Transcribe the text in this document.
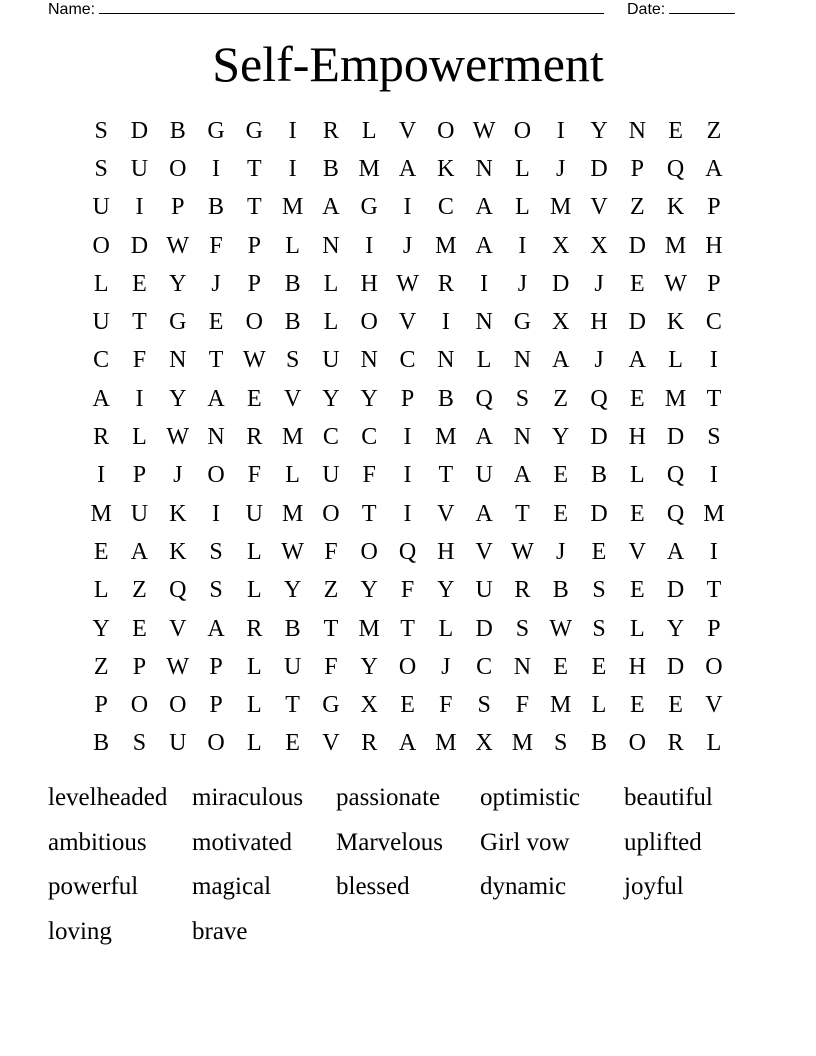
Name:	Date:
Self-Empowerment
S D B G G	I	R L V O W O	I	Y N E Z
S U O	I	T	I	B M A K N L	J	D P Q A
U	I	P B T M A G	I	C A L M V Z K P
O D W F	P	L N	I	J M A	I	X X D M H
L E Y	J	P B L H W R	I	J	D	J	E W P
U T G E O B L O V	I	N G X H D K C
C F N T W S U N C N L N A	J	A L	I
A	I	Y A E V Y Y P B Q S	Z Q E M T
R L W N R M C C	I M A N Y D H D S
I	P	J	O F	L U F	I	T U A E B L Q	I
M U K	I	U M O T	I	V A T E D E Q M
E A K S	L W F O Q H V W J	E V A	I
L Z Q S	L Y Z Y F Y U R B S	E D T
Y E V A R B T M T L D S W S	L Y P
Z	P W P	L U F Y O	J	C N E E H D O
P O O P	L T G X E	F	S	F M L E E V
B S U O L E V R A M X M S B O R L
levelheaded miraculous	passionate	optimistic	beautiful
ambitious	motivated	Marvelous	Girl vow	uplifted
powerful	magical	blessed	dynamic	joyful
loving	brave
